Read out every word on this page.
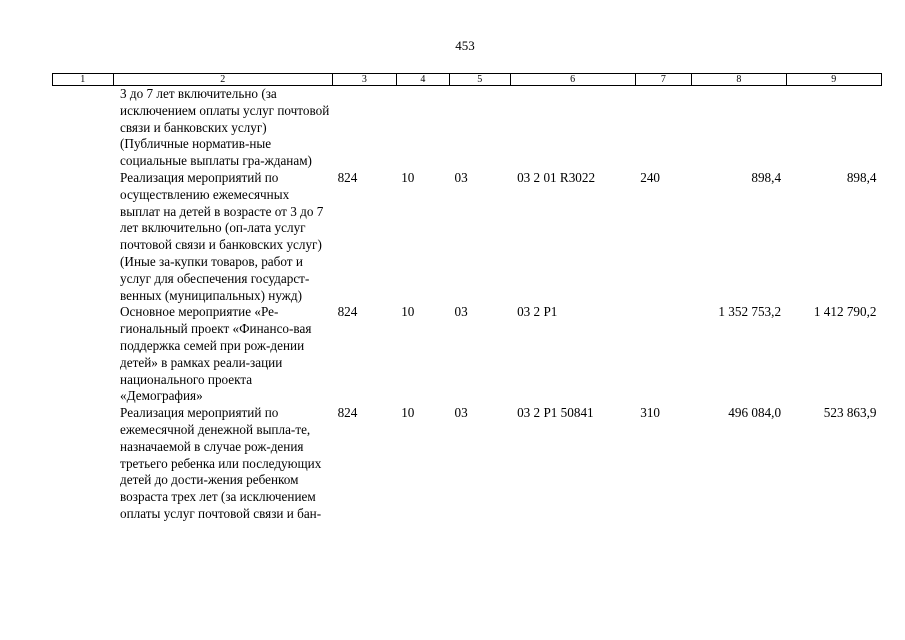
453
1	2	3	4	5	6	7	8	9
	3 до 7 лет включительно (за исключением оплаты услуг почтовой связи и банковских услуг) (Публичные норматив-ные социальные выплаты гра-жданам)							
	Реализация мероприятий по осуществлению ежемесячных выплат на детей в возрасте от 3 до 7 лет включительно (оп-лата услуг почтовой связи и банковских услуг) (Иные за-купки товаров, работ и услуг для обеспечения государст-венных (муниципальных) нужд)	824	10	03	03 2 01 R3022	240	898,4	898,4
	Основное мероприятие «Ре-гиональный проект «Финансо-вая поддержка семей при рож-дении детей» в рамках реали-зации национального проекта «Демография»	824	10	03	03 2 P1		1 352 753,2	1 412 790,2
	Реализация мероприятий по ежемесячной денежной выпла-те, назначаемой в случае рож-дения третьего ребенка или последующих детей до дости-жения ребенком возраста трех лет (за исключением оплаты услуг почтовой связи и бан-	824	10	03	03 2 P1 50841	310	496 084,0	523 863,9
